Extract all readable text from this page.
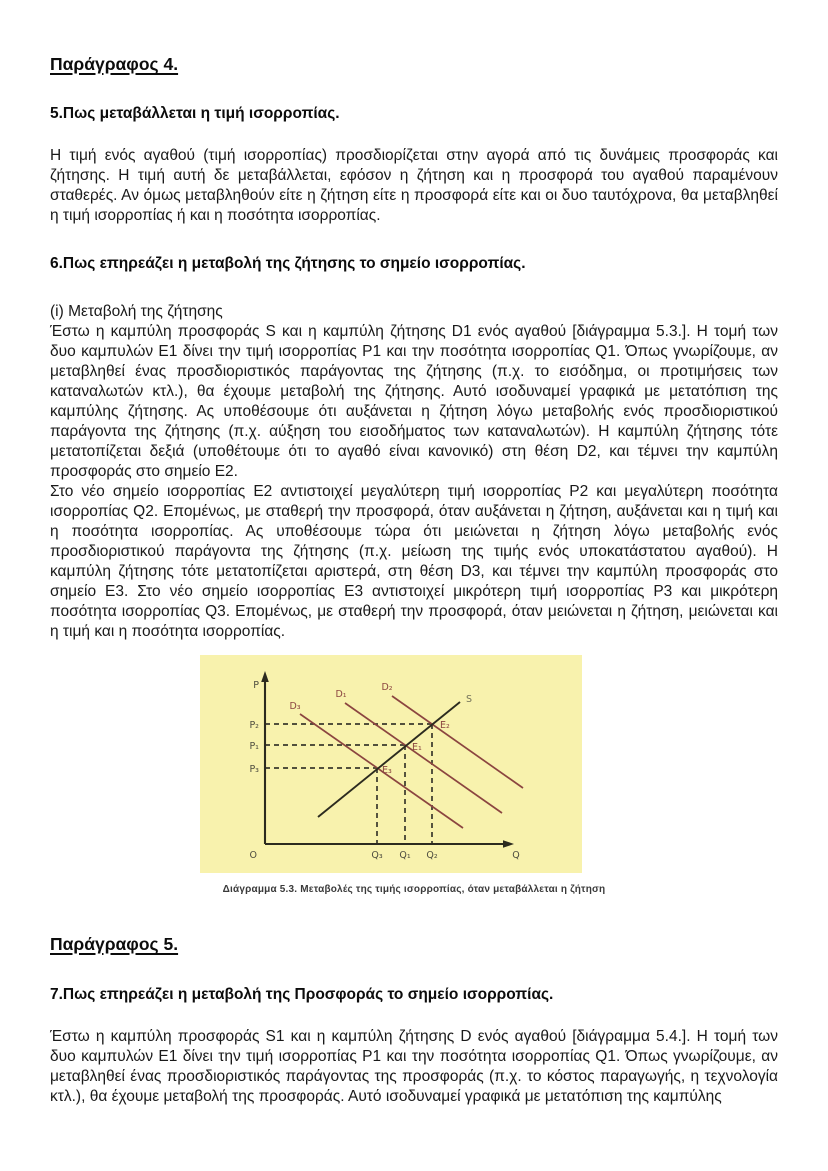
Παράγραφος 4.
5.Πως μεταβάλλεται η τιμή ισορροπίας.

Η τιμή ενός αγαθού (τιμή ισορροπίας) προσδιορίζεται στην αγορά από τις δυνάμεις προσφοράς και ζήτησης. Η τιμή αυτή δε μεταβάλλεται, εφόσον η ζήτηση και η προσφορά του αγαθού παραμένουν σταθερές. Αν όμως μεταβληθούν είτε η ζήτηση είτε η προσφορά είτε και οι δυο ταυτόχρονα, θα μεταβληθεί η τιμή ισορροπίας ή και η ποσότητα ισορροπίας.

6.Πως επηρεάζει η μεταβολή της ζήτησης το σημείο ισορροπίας.

(i) Μεταβολή της ζήτησης

Έστω η καμπύλη προσφοράς S και η καμπύλη ζήτησης D1 ενός αγαθού [διάγραμμα 5.3.]. Η τομή των δυο καμπυλών E1 δίνει την τιμή ισορροπίας P1 και την ποσότητα ισορροπίας Q1. Όπως γνωρίζουμε, αν μεταβληθεί ένας προσδιοριστικός παράγοντας της ζήτησης (π.χ. το εισόδημα, οι προτιμήσεις των καταναλωτών κτλ.), θα έχουμε μεταβολή της ζήτησης. Αυτό ισοδυναμεί γραφικά με μετατόπιση της καμπύλης ζήτησης. Ας υποθέσουμε ότι αυξάνεται η ζήτηση λόγω μεταβολής ενός προσδιοριστικού παράγοντα της ζήτησης (π.χ. αύξηση του εισοδήματος των καταναλωτών). Η καμπύλη ζήτησης τότε μετατοπίζεται δεξιά (υποθέτουμε ότι το αγαθό είναι κανονικό) στη θέση D2, και τέμνει την καμπύλη προσφοράς στο σημείο E2.

Στο νέο σημείο ισορροπίας E2 αντιστοιχεί μεγαλύτερη τιμή ισορροπίας P2 και μεγαλύτερη ποσότητα ισορροπίας Q2. Επομένως, με σταθερή την προσφορά, όταν αυξάνεται η ζήτηση, αυξάνεται και η τιμή και η ποσότητα ισορροπίας. Ας υποθέσουμε τώρα ότι μειώνεται η ζήτηση λόγω μεταβολής ενός προσδιοριστικού παράγοντα της ζήτησης (π.χ. μείωση της τιμής ενός υποκατάστατου αγαθού). Η καμπύλη ζήτησης τότε μετατοπίζεται αριστερά, στη θέση D3, και τέμνει την καμπύλη προσφοράς στο σημείο E3. Στο νέο σημείο ισορροπίας E3 αντιστοιχεί μικρότερη τιμή ισορροπίας P3 και μικρότερη ποσότητα ισορροπίας Q3. Επομένως, με σταθερή την προσφορά, όταν μειώνεται η ζήτηση, μειώνεται και η τιμή και η ποσότητα ισορροπίας.

P
O	Q
P₂
P₁
P₃
Q₃ Q₁ Q₂
D₃
D₁
D₂
E₂
E₁
E₃
S
Διάγραμμα 5.3. Μεταβολές της τιμής ισορροπίας, όταν μεταβάλλεται η ζήτηση
Παράγραφος 5.
7.Πως επηρεάζει η μεταβολή της Προσφοράς το σημείο ισορροπίας.

Έστω η καμπύλη προσφοράς S1 και η καμπύλη ζήτησης D ενός αγαθού [διάγραμμα 5.4.]. Η τομή των δυο καμπυλών E1 δίνει την τιμή ισορροπίας P1 και την ποσότητα ισορροπίας Q1. Όπως γνωρίζουμε, αν μεταβληθεί ένας προσδιοριστικός παράγοντας της προσφοράς (π.χ. το κόστος παραγωγής, η τεχνολογία κτλ.), θα έχουμε μεταβολή της προσφοράς. Αυτό ισοδυναμεί γραφικά με μετατόπιση της καμπύλης
